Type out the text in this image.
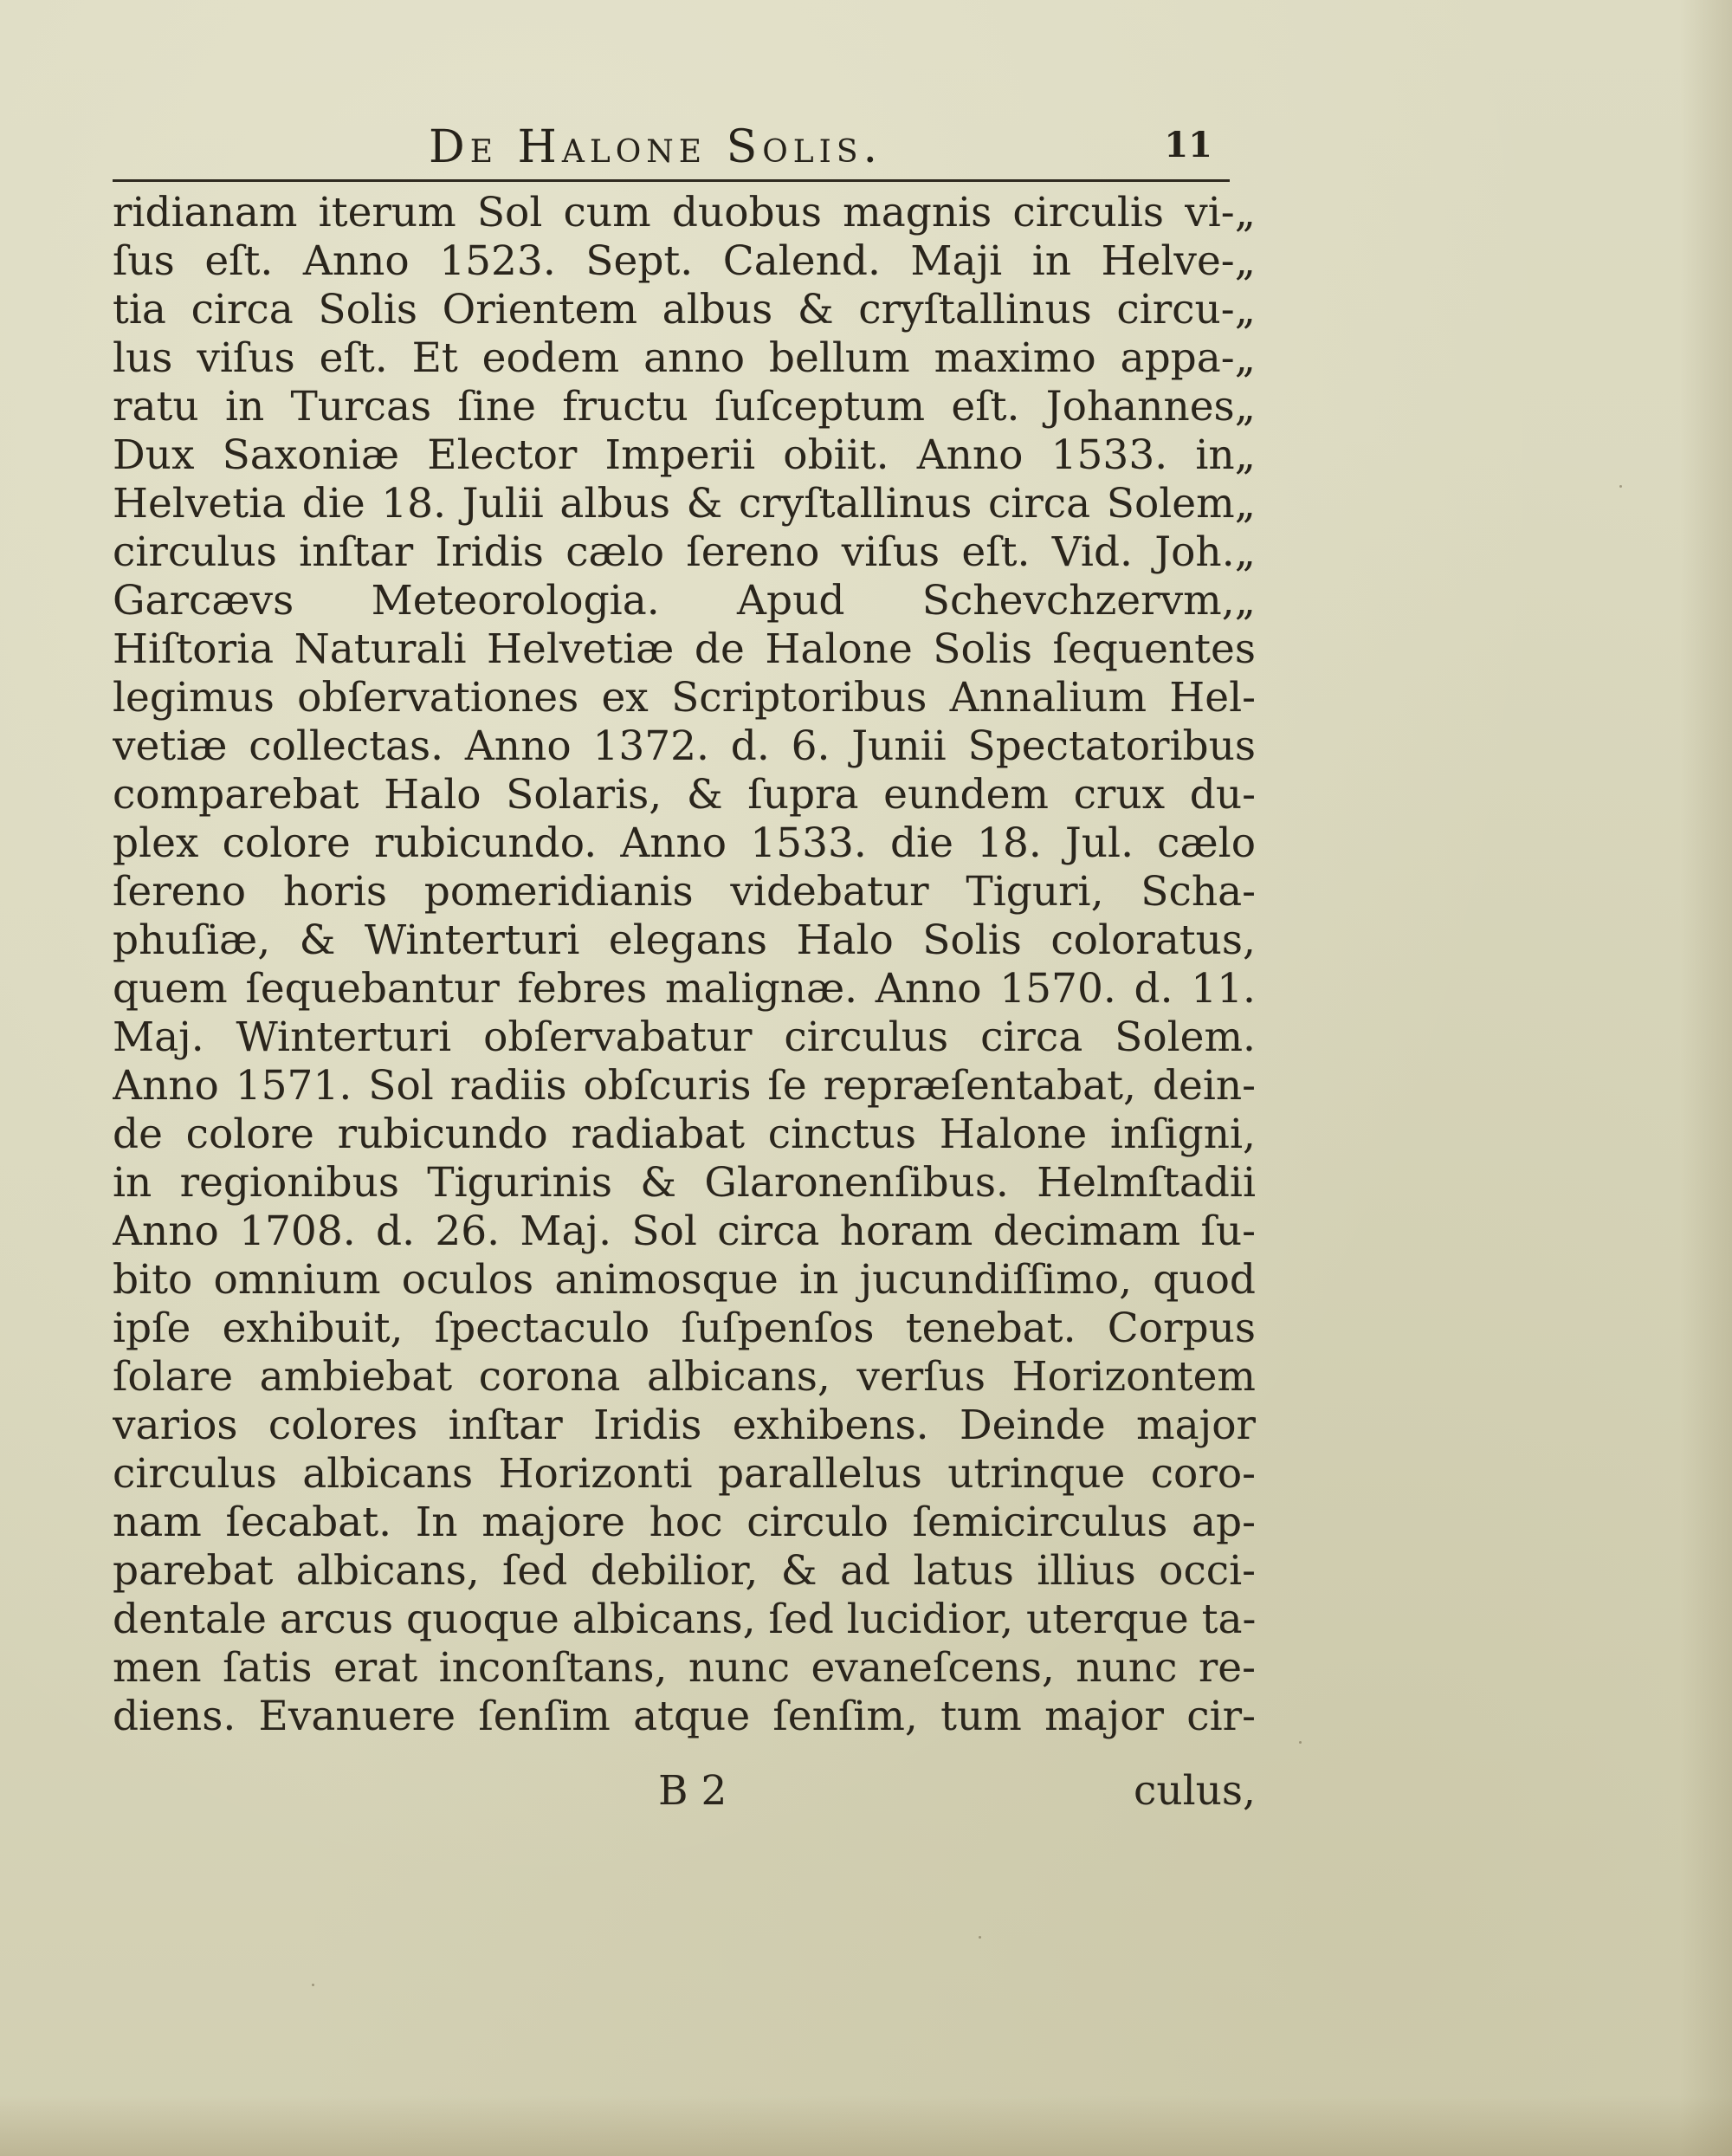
De Halone Solis.	11
ridianam iterum Sol cum duobus magnis circulis vi-„
ſus eſt. Anno 1523. Sept. Calend. Maji in Helve-„
tia circa Solis Orientem albus & cryſtallinus circu-„
lus viſus eſt. Et eodem anno bellum maximo appa-„
ratu in Turcas ſine fructu ſuſceptum eſt. Johannes„
Dux Saxoniæ Elector Imperii obiit. Anno 1533. in„
Helvetia die 18. Julii albus & cryſtallinus circa Solem„
circulus inſtar Iridis cælo ſereno viſus eſt. Vid. Joh.„
Garcævs Meteorologia. Apud Schevchzervm,„
Hiſtoria Naturali Helvetiæ de Halone Solis ſequentes
legimus obſervationes ex Scriptoribus Annalium Hel-
vetiæ collectas. Anno 1372. d. 6. Junii Spectatoribus
comparebat Halo Solaris, & ſupra eundem crux du-
plex colore rubicundo. Anno 1533. die 18. Jul. cælo
ſereno horis pomeridianis videbatur Tiguri, Scha-
phuſiæ, & Winterturi elegans Halo Solis coloratus,
quem ſequebantur febres malignæ. Anno 1570. d. 11.
Maj. Winterturi obſervabatur circulus circa Solem.
Anno 1571. Sol radiis obſcuris ſe repræſentabat, dein-
de colore rubicundo radiabat cinctus Halone inſigni,
in regionibus Tigurinis & Glaronenſibus. Helmſtadii
Anno 1708. d. 26. Maj. Sol circa horam decimam ſu-
bito omnium oculos animosque in jucundiſſimo, quod
ipſe exhibuit, ſpectaculo ſuſpenſos tenebat. Corpus
ſolare ambiebat corona albicans, verſus Horizontem
varios colores inſtar Iridis exhibens. Deinde major
circulus albicans Horizonti parallelus utrinque coro-
nam ſecabat. In majore hoc circulo ſemicirculus ap-
parebat albicans, ſed debilior, & ad latus illius occi-
dentale arcus quoque albicans, ſed lucidior, uterque ta-
men ſatis erat inconſtans, nunc evaneſcens, nunc re-
diens. Evanuere ſenſim atque ſenſim, tum major cir-
B 2	culus,
